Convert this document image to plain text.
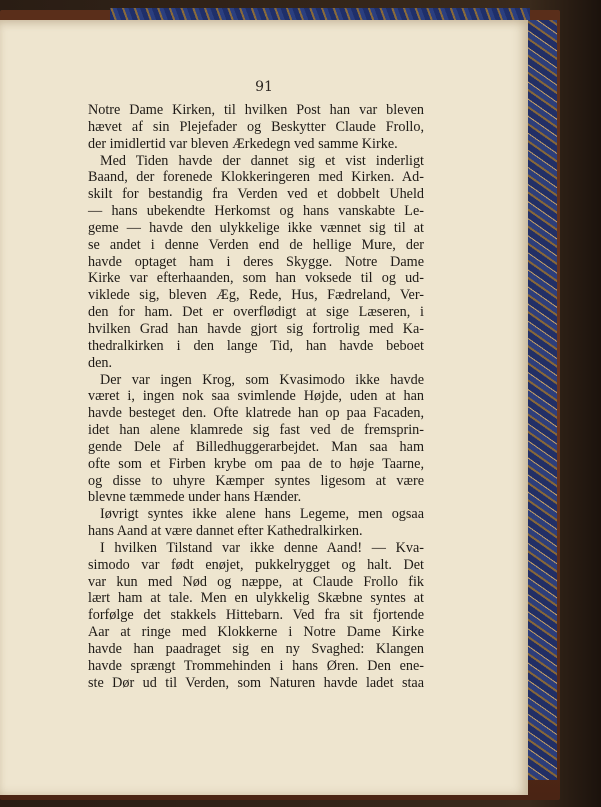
91
Notre Dame Kirken, til hvilken Post han var bleven
hævet af sin Plejefader og Beskytter Claude Frollo,
der imidlertid var bleven Ærkedegn ved samme Kirke.
Med Tiden havde der dannet sig et vist inderligt
Baand, der forenede Klokkeringeren med Kirken. Ad-
skilt for bestandig fra Verden ved et dobbelt Uheld
— hans ubekendte Herkomst og hans vanskabte Le-
geme — havde den ulykkelige ikke vænnet sig til at
se andet i denne Verden end de hellige Mure, der
havde optaget ham i deres Skygge. Notre Dame
Kirke var efterhaanden, som han voksede til og ud-
viklede sig, bleven Æg, Rede, Hus, Fædreland, Ver-
den for ham. Det er overflødigt at sige Læseren, i
hvilken Grad han havde gjort sig fortrolig med Ka-
thedralkirken i den lange Tid, han havde beboet
den.
Der var ingen Krog, som Kvasimodo ikke havde
været i, ingen nok saa svimlende Højde, uden at han
havde besteget den. Ofte klatrede han op paa Facaden,
idet han alene klamrede sig fast ved de fremsprin-
gende Dele af Billedhuggerarbejdet. Man saa ham
ofte som et Firben krybe om paa de to høje Taarne,
og disse to uhyre Kæmper syntes ligesom at være
blevne tæmmede under hans Hænder.
Iøvrigt syntes ikke alene hans Legeme, men ogsaa
hans Aand at være dannet efter Kathedralkirken.
I hvilken Tilstand var ikke denne Aand! — Kva-
simodo var født enøjet, pukkelrygget og halt. Det
var kun med Nød og næppe, at Claude Frollo fik
lært ham at tale. Men en ulykkelig Skæbne syntes at
forfølge det stakkels Hittebarn. Ved fra sit fjortende
Aar at ringe med Klokkerne i Notre Dame Kirke
havde han paadraget sig en ny Svaghed: Klangen
havde sprængt Trommehinden i hans Øren. Den ene-
ste Dør ud til Verden, som Naturen havde ladet staa
